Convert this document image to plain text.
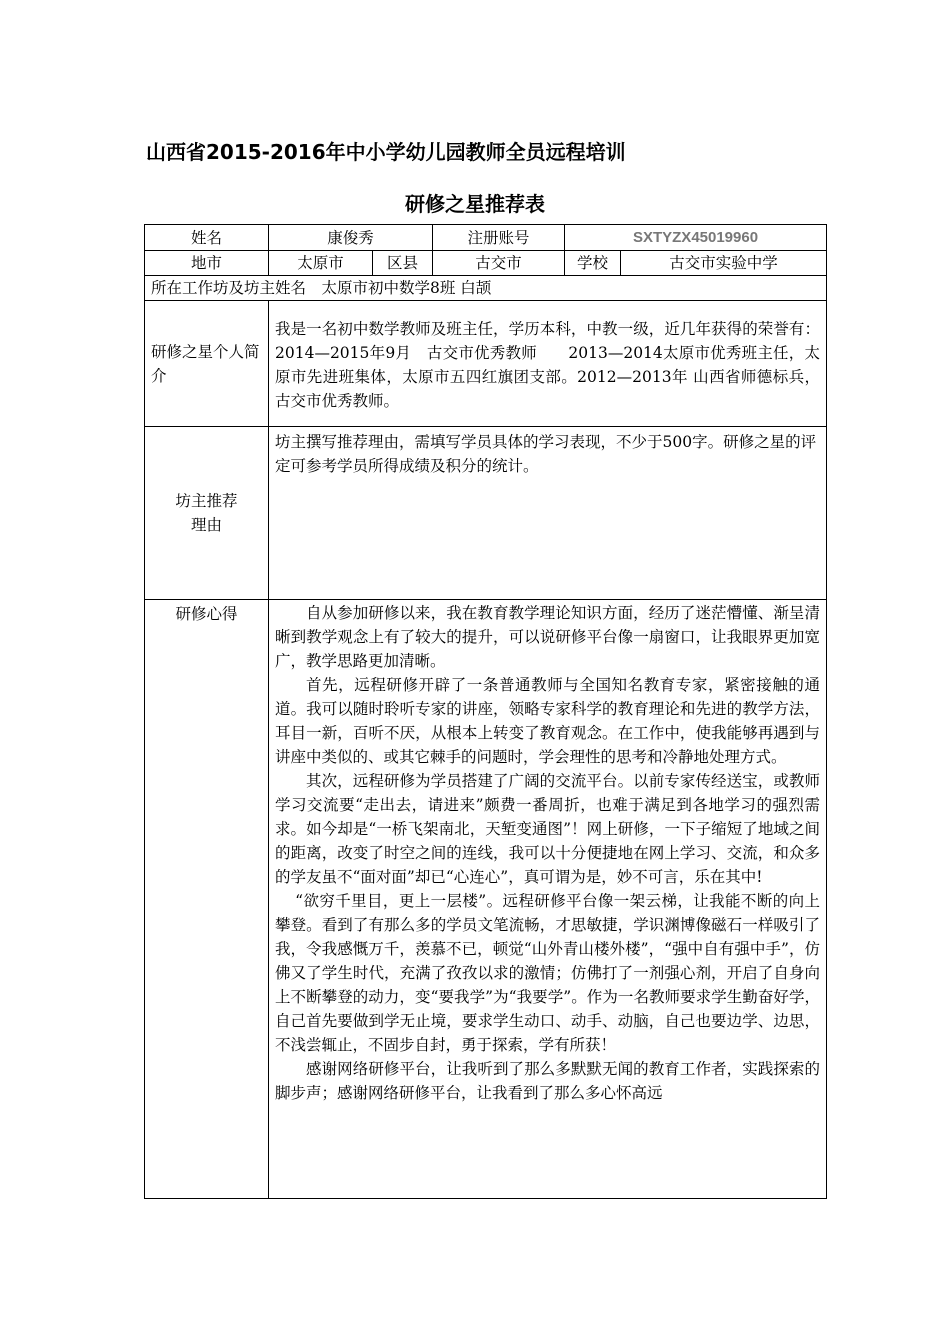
山西省2015-2016年中小学幼儿园教师全员远程培训
研修之星推荐表
姓名	康俊秀		注册账号	SXTYZX45019960	
地市	太原市	区县	古交市	学校	古交市实验中学
所在工作坊及坊主姓名　太原市初中数学8班 白颉					
研修之星个人简介	我是一名初中数学教师及班主任，学历本科，中教一级，近几年获得的荣誉有：2014—2015年9月　古交市优秀教师　　2013—2014太原市优秀班主任，太原市先进班集体，太原市五四红旗团支部。2012—2013年 山西省师德标兵，古交市优秀教师。				

坊主推荐
理由	坊主撰写推荐理由，需填写学员具体的学习表现，不少于500字。研修之星的评定可参考学员所得成绩及积分的统计。				
研修心得	自从参加研修以来，我在教育教学理论知识方面，经历了迷茫懵懂、渐呈清晰到教学观念上有了较大的提升，可以说研修平台像一扇窗口，让我眼界更加宽广，教学思路更加清晰。

首先，远程研修开辟了一条普通教师与全国知名教育专家，紧密接触的通道。我可以随时聆听专家的讲座，领略专家科学的教育理论和先进的教学方法，耳目一新，百听不厌，从根本上转变了教育观念。在工作中，使我能够再遇到与讲座中类似的、或其它棘手的问题时，学会理性的思考和冷静地处理方式。

其次，远程研修为学员搭建了广阔的交流平台。以前专家传经送宝，或教师学习交流要“走出去，请进来”颇费一番周折，也难于满足到各地学习的强烈需求。如今却是“一桥飞架南北，天堑变通图”！网上研修，一下子缩短了地域之间的距离，改变了时空之间的连线，我可以十分便捷地在网上学习、交流，和众多的学友虽不“面对面”却已“心连心”，真可谓为是，妙不可言，乐在其中!

“欲穷千里目，更上一层楼”。远程研修平台像一架云梯，让我能不断的向上攀登。看到了有那么多的学员文笔流畅，才思敏捷，学识渊博像磁石一样吸引了我，令我感慨万千，羡慕不已，顿觉“山外青山楼外楼”，“强中自有强中手”，仿佛又了学生时代，充满了孜孜以求的激情；仿佛打了一剂强心剂，开启了自身向上不断攀登的动力，变“要我学”为“我要学”。作为一名教师要求学生勤奋好学，自己首先要做到学无止境，要求学生动口、动手、动脑，自己也要边学、边思，不浅尝辄止，不固步自封，勇于探索，学有所获！

感谢网络研修平台，让我听到了那么多默默无闻的教育工作者，实践探索的脚步声；感谢网络研修平台，让我看到了那么多心怀高远				
